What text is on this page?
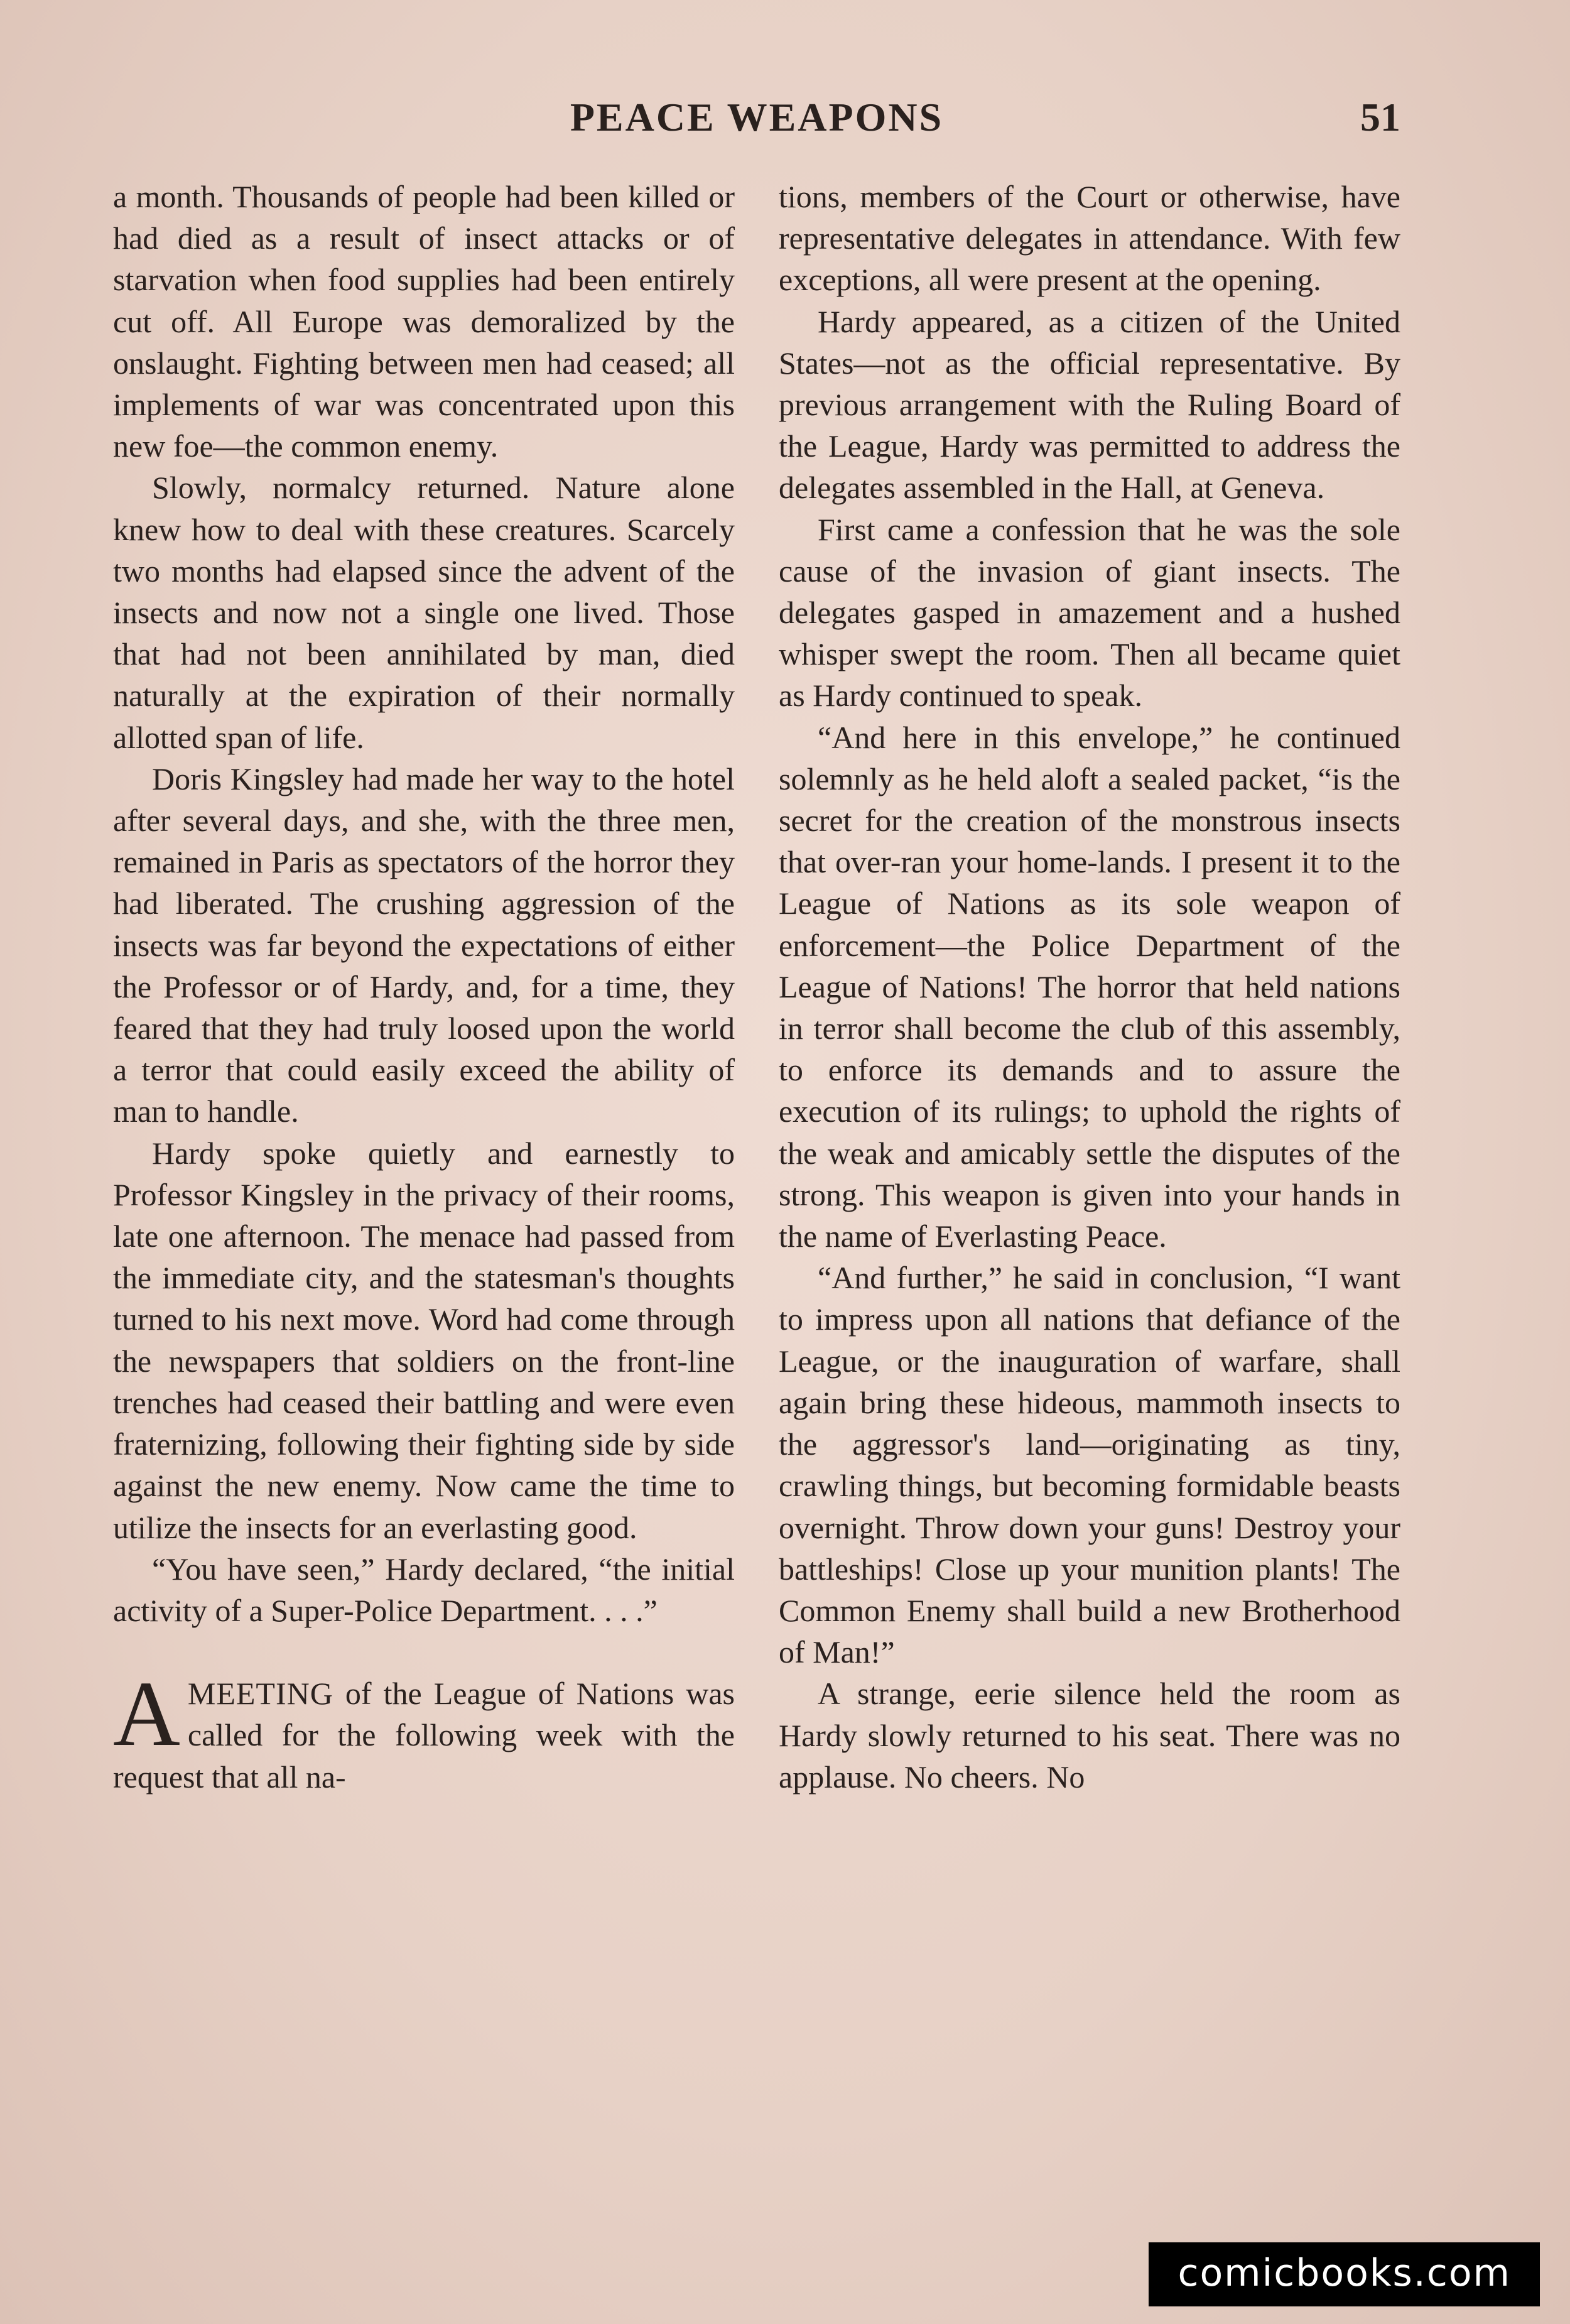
PEACE WEAPONS	51

a month. Thousands of people had been killed or had died as a result of insect attacks or of starvation when food supplies had been entirely cut off. All Europe was demoralized by the onslaught. Fighting between men had ceased; all implements of war was concentrated upon this new foe—the common enemy.

Slowly, normalcy returned. Nature alone knew how to deal with these creatures. Scarcely two months had elapsed since the advent of the insects and now not a single one lived. Those that had not been annihilated by man, died naturally at the expiration of their normally allotted span of life.

Doris Kingsley had made her way to the hotel after several days, and she, with the three men, remained in Paris as spectators of the horror they had liberated. The crushing aggression of the insects was far beyond the expectations of either the Professor or of Hardy, and, for a time, they feared that they had truly loosed upon the world a terror that could easily exceed the ability of man to handle.

Hardy spoke quietly and earnestly to Professor Kingsley in the privacy of their rooms, late one afternoon. The menace had passed from the immediate city, and the statesman's thoughts turned to his next move. Word had come through the newspapers that soldiers on the front-line trenches had ceased their battling and were even fraternizing, following their fighting side by side against the new enemy. Now came the time to utilize the insects for an everlasting good.

“You have seen,” Hardy declared, “the initial activity of a Super-Police Department. . . .”

AMEETING of the League of Nations was called for the following week with the request that all na-

tions, members of the Court or otherwise, have representative delegates in attendance. With few exceptions, all were present at the opening.

Hardy appeared, as a citizen of the United States—not as the official representative. By previous arrangement with the Ruling Board of the League, Hardy was permitted to address the delegates assembled in the Hall, at Geneva.

First came a confession that he was the sole cause of the invasion of giant insects. The delegates gasped in amazement and a hushed whisper swept the room. Then all became quiet as Hardy continued to speak.

“And here in this envelope,” he continued solemnly as he held aloft a sealed packet, “is the secret for the creation of the monstrous insects that over-ran your home-lands. I present it to the League of Nations as its sole weapon of enforcement—the Police Department of the League of Nations! The horror that held nations in terror shall become the club of this assembly, to enforce its demands and to assure the execution of its rulings; to uphold the rights of the weak and amicably settle the disputes of the strong. This weapon is given into your hands in the name of Everlasting Peace.

“And further,” he said in conclusion, “I want to impress upon all nations that defiance of the League, or the inauguration of warfare, shall again bring these hideous, mammoth insects to the aggressor's land—originating as tiny, crawling things, but becoming formidable beasts overnight. Throw down your guns! Destroy your battleships! Close up your munition plants! The Common Enemy shall build a new Brotherhood of Man!”

A strange, eerie silence held the room as Hardy slowly returned to his seat. There was no applause. No cheers. No

comicbooks.com
